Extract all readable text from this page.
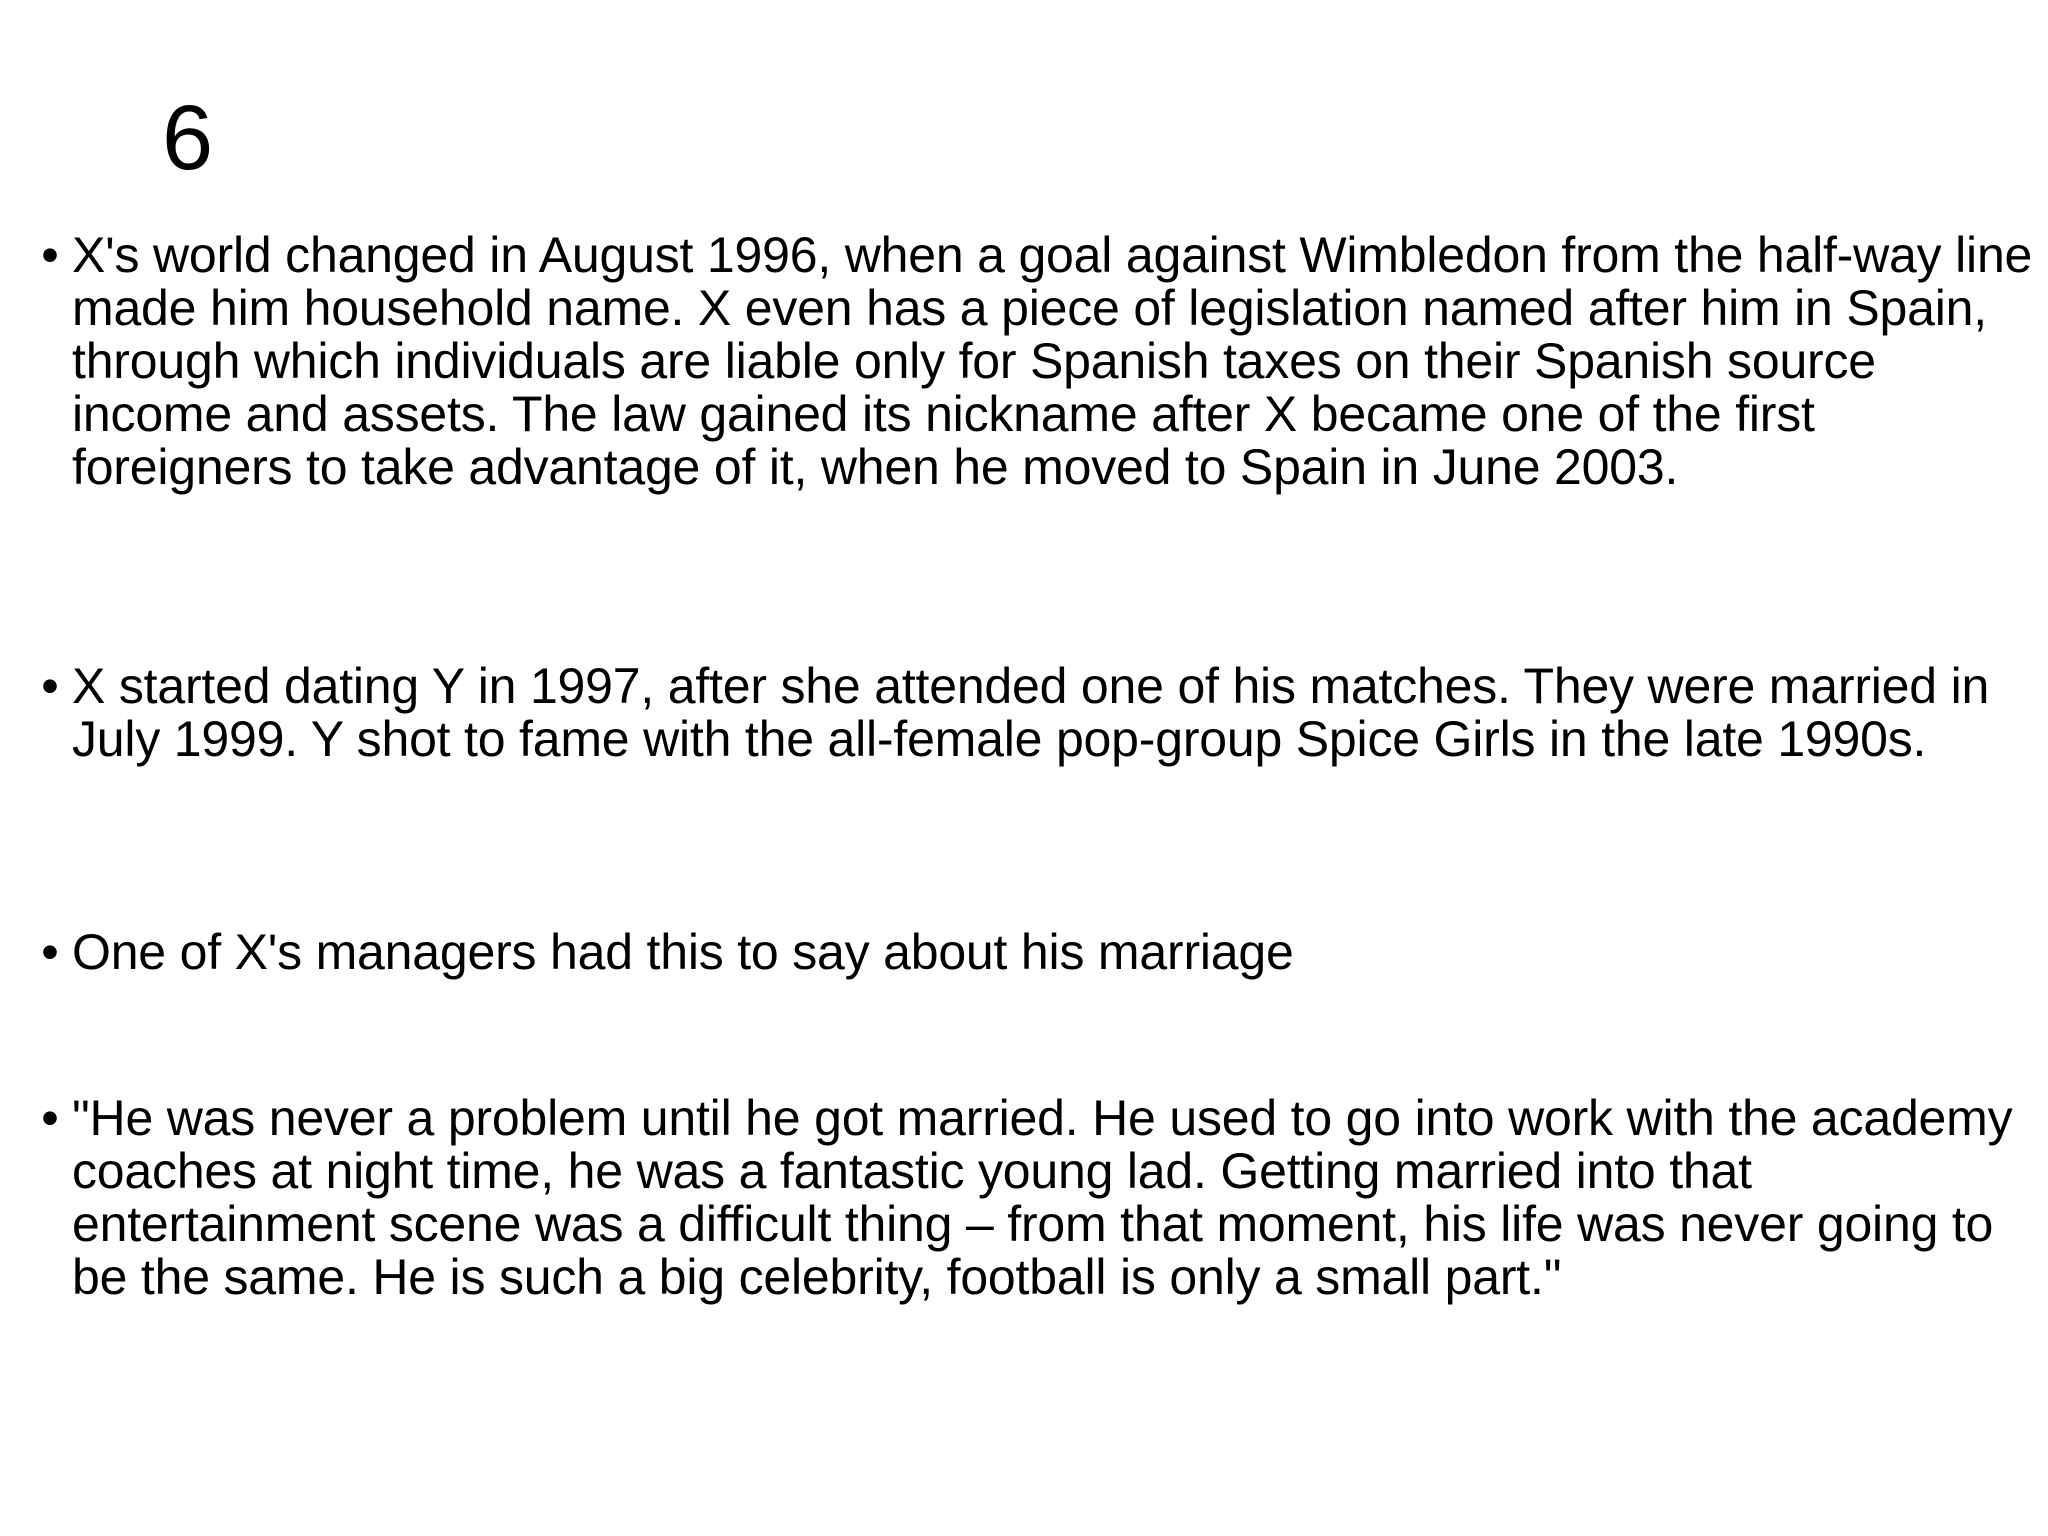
6
• X's world changed in August 1996, when a goal against Wimbledon from the half-way line made him household name. X even has a piece of legislation named after him in Spain, through which individuals are liable only for Spanish taxes on their Spanish source income and assets. The law gained its nickname after X became one of the first foreigners to take advantage of it, when he moved to Spain in June 2003.

• X started dating Y in 1997, after she attended one of his matches. They were married in July 1999. Y shot to fame with the all-female pop-group Spice Girls in the late 1990s.

• One of X's managers had this to say about his marriage

• "He was never a problem until he got married. He used to go into work with the academy coaches at night time, he was a fantastic young lad. Getting married into that entertainment scene was a difficult thing – from that moment, his life was never going to be the same. He is such a big celebrity, football is only a small part."
